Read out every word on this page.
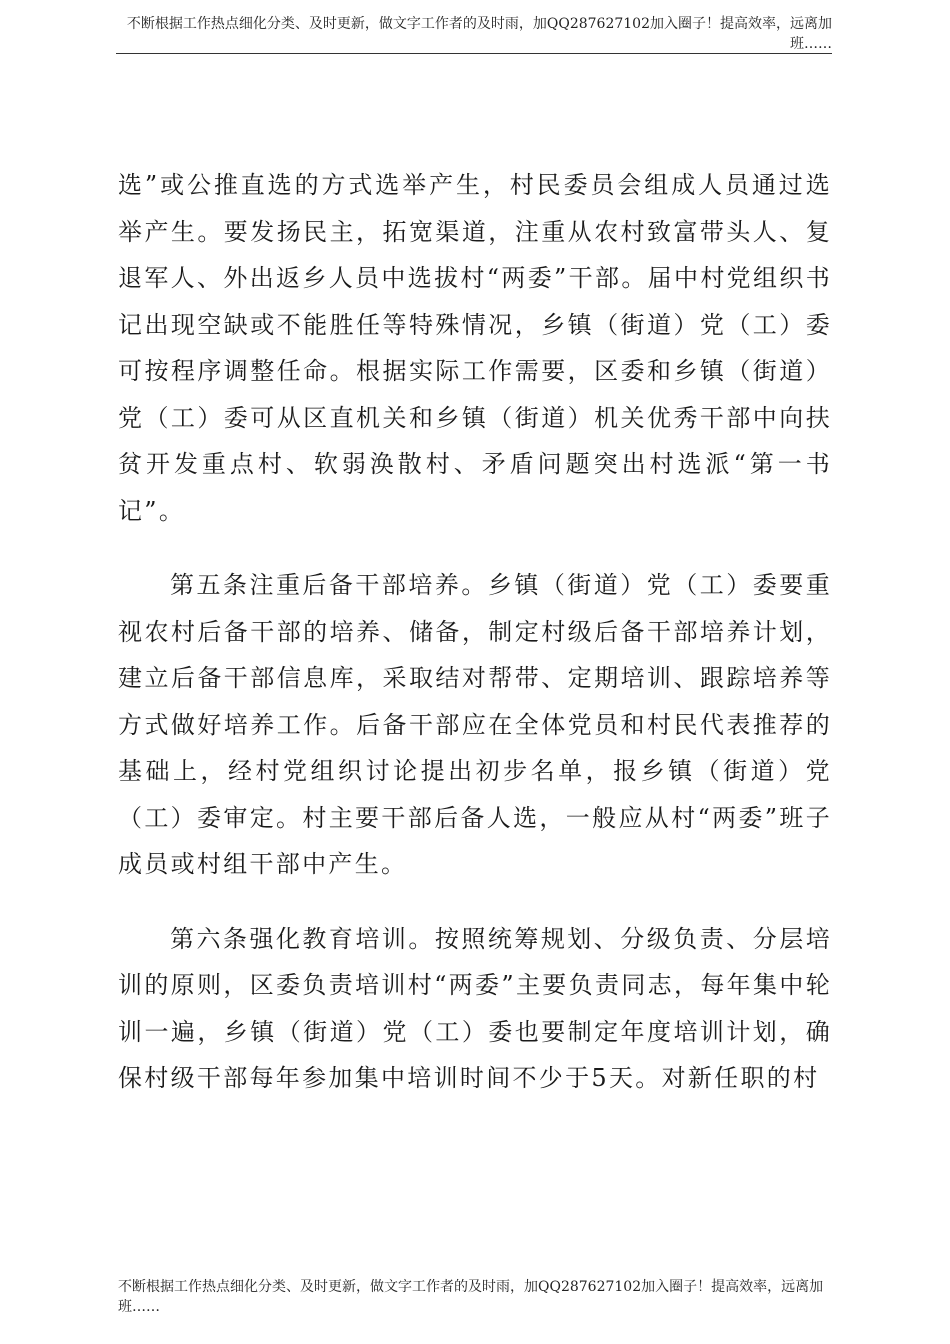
不断根据工作热点细化分类、及时更新，做文字工作者的及时雨，加QQ287627102加入圈子！提高效率，远离加班……

选”或公推直选的方式选举产生，村民委员会组成人员通过选举产生。要发扬民主，拓宽渠道，注重从农村致富带头人、复退军人、外出返乡人员中选拔村“两委”干部。届中村党组织书记出现空缺或不能胜任等特殊情况，乡镇（街道）党（工）委可按程序调整任命。根据实际工作需要，区委和乡镇（街道）党（工）委可从区直机关和乡镇（街道）机关优秀干部中向扶贫开发重点村、软弱涣散村、矛盾问题突出村选派“第一书记”。

第五条注重后备干部培养。乡镇（街道）党（工）委要重视农村后备干部的培养、储备，制定村级后备干部培养计划，建立后备干部信息库，采取结对帮带、定期培训、跟踪培养等方式做好培养工作。后备干部应在全体党员和村民代表推荐的基础上，经村党组织讨论提出初步名单，报乡镇（街道）党（工）委审定。村主要干部后备人选，一般应从村“两委”班子成员或村组干部中产生。

第六条强化教育培训。按照统筹规划、分级负责、分层培训的原则，区委负责培训村“两委”主要负责同志，每年集中轮训一遍，乡镇（街道）党（工）委也要制定年度培训计划，确保村级干部每年参加集中培训时间不少于5天。对新任职的村

不断根据工作热点细化分类、及时更新，做文字工作者的及时雨，加QQ287627102加入圈子！提高效率，远离加班……
